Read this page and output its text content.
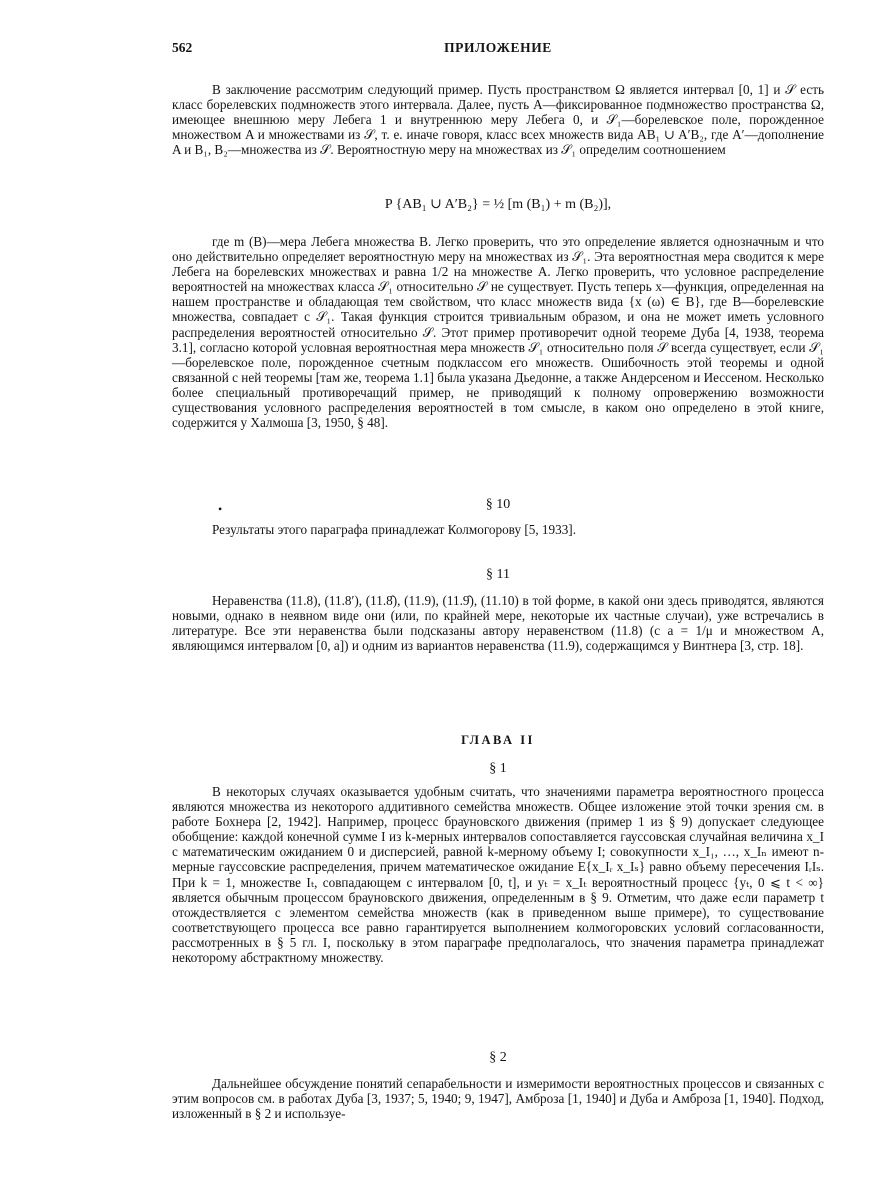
562	ПРИЛОЖЕНИЕ

В заключение рассмотрим следующий пример. Пусть пространством Ω является интервал [0, 1] и 𝒮 есть класс борелевских подмножеств этого интервала. Далее, пусть A—фиксированное подмножество пространства Ω, имеющее внешнюю меру Лебега 1 и внутреннюю меру Лебега 0, и 𝒮₁—борелевское поле, порожденное множеством A и множествами из 𝒮, т. е. иначе говоря, класс всех множеств вида AB₁ ∪ A′B₂, где A′—дополнение A и B₁, B₂—множества из 𝒮. Вероятностную меру на множествах из 𝒮₁ определим соотношением

P {AB₁ ∪ A′B₂} = ½ [m (B₁) + m (B₂)],

где m (B)—мера Лебега множества B. Легко проверить, что это определение является однозначным и что оно действительно определяет вероятностную меру на множествах из 𝒮₁. Эта вероятностная мера сводится к мере Лебега на борелевских множествах и равна 1/2 на множестве A. Легко проверить, что условное распределение вероятностей на множествах класса 𝒮₁ относительно 𝒮 не существует. Пусть теперь x—функция, определенная на нашем пространстве и обладающая тем свойством, что класс множеств вида {x (ω) ∈ B}, где B—борелевские множества, совпадает с 𝒮₁. Такая функция строится тривиальным образом, и она не может иметь условного распределения вероятностей относительно 𝒮. Этот пример противоречит одной теореме Дуба [4, 1938, теорема 3.1], согласно которой условная вероятностная мера множеств 𝒮₁ относительно поля 𝒮 всегда существует, если 𝒮₁—борелевское поле, порожденное счетным подклассом его множеств. Ошибочность этой теоремы и одной связанной с ней теоремы [там же, теорема 1.1] была указана Дьедонне, а также Андерсеном и Иессеном. Несколько более специальный противоречащий пример, не приводящий к полному опровержению возможности существования условного распределения вероятностей в том смысле, в каком оно определено в этой книге, содержится у Халмоша [3, 1950, § 48].

•	§ 10

Результаты этого параграфа принадлежат Колмогорову [5, 1933].

§ 11

Неравенства (11.8), (11.8′), (11.8̂), (11.9), (11.9̂), (11.10) в той форме, в какой они здесь приводятся, являются новыми, однако в неявном виде они (или, по крайней мере, некоторые их частные случаи), уже встречались в литературе. Все эти неравенства были подсказаны автору неравенством (11.8) (с a = 1/μ и множеством A, являющимся интервалом [0, a]) и одним из вариантов неравенства (11.9), содержащимся у Винтнера [3, стр. 18].

ГЛАВА II

§ 1

В некоторых случаях оказывается удобным считать, что значениями параметра вероятностного процесса являются множества из некоторого аддитивного семейства множеств. Общее изложение этой точки зрения см. в работе Бохнера [2, 1942]. Например, процесс брауновского движения (пример 1 из § 9) допускает следующее обобщение: каждой конечной сумме I из k-мерных интервалов сопоставляется гауссовская случайная величина x_I с математическим ожиданием 0 и дисперсией, равной k-мерному объему I; совокупности x_I₁, …, x_Iₙ имеют n-мерные гауссовские распределения, причем математическое ожидание E{x_Iᵣ x_Iₛ} равно объему пересечения IᵣIₛ. При k = 1, множестве Iₜ, совпадающем с интервалом [0, t], и yₜ = x_Iₜ вероятностный процесс {yₜ, 0 ⩽ t < ∞} является обычным процессом брауновского движения, определенным в § 9. Отметим, что даже если параметр t отождествляется с элементом семейства множеств (как в приведенном выше примере), то существование соответствующего процесса все равно гарантируется выполнением колмогоровских условий согласованности, рассмотренных в § 5 гл. I, поскольку в этом параграфе предполагалось, что значения параметра принадлежат некоторому абстрактному множеству.

§ 2

Дальнейшее обсуждение понятий сепарабельности и измеримости вероятностных процессов и связанных с этим вопросов см. в работах Дуба [3, 1937; 5, 1940; 9, 1947], Амброза [1, 1940] и Дуба и Амброза [1, 1940]. Подход, изложенный в § 2 и используе-
